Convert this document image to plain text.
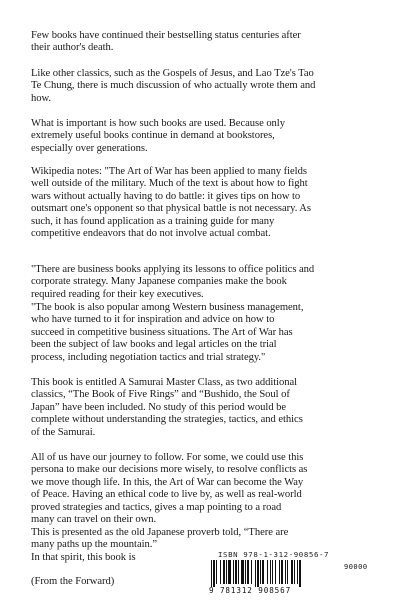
Few books have continued their bestselling status centuries after
their author's death.

Like other classics, such as the Gospels of Jesus, and Lao Tze's Tao
Te Chung, there is much discussion of who actually wrote them and
how.

What is important is how such books are used. Because only
extremely useful books continue in demand at bookstores,
especially over generations.

Wikipedia notes: "The Art of War has been applied to many fields
well outside of the military. Much of the text is about how to fight
wars without actually having to do battle: it gives tips on how to
outsmart one's opponent so that physical battle is not necessary. As
such, it has found application as a training guide for many
competitive endeavors that do not involve actual combat.

"There are business books applying its lessons to office politics and
corporate strategy. Many Japanese companies make the book
required reading for their key executives.

"The book is also popular among Western business management,
who have turned to it for inspiration and advice on how to
succeed in competitive business situations. The Art of War has
been the subject of law books and legal articles on the trial
process, including negotiation tactics and trial strategy."

This book is entitled A Samurai Master Class, as two additional
classics, “The Book of Five Rings” and “Bushido, the Soul of
Japan” have been included. No study of this period would be
complete without understanding the strategies, tactics, and ethics
of the Samurai.

All of us have our journey to follow. For some, we could use this
persona to make our decisions more wisely, to resolve conflicts as
we move though life. In this, the Art of War can become the Way
of Peace. Having an ethical code to live by, as well as real-world
proved strategies and tactics, gives a map pointing to a road
many can travel on their own.

This is presented as the old Japanese proverb told, “There are
many paths up the mountain.”

In that spirit, this book is

(From the Forward)

ISBN 978-1-312-90856-7
9 781312 908567
90000
